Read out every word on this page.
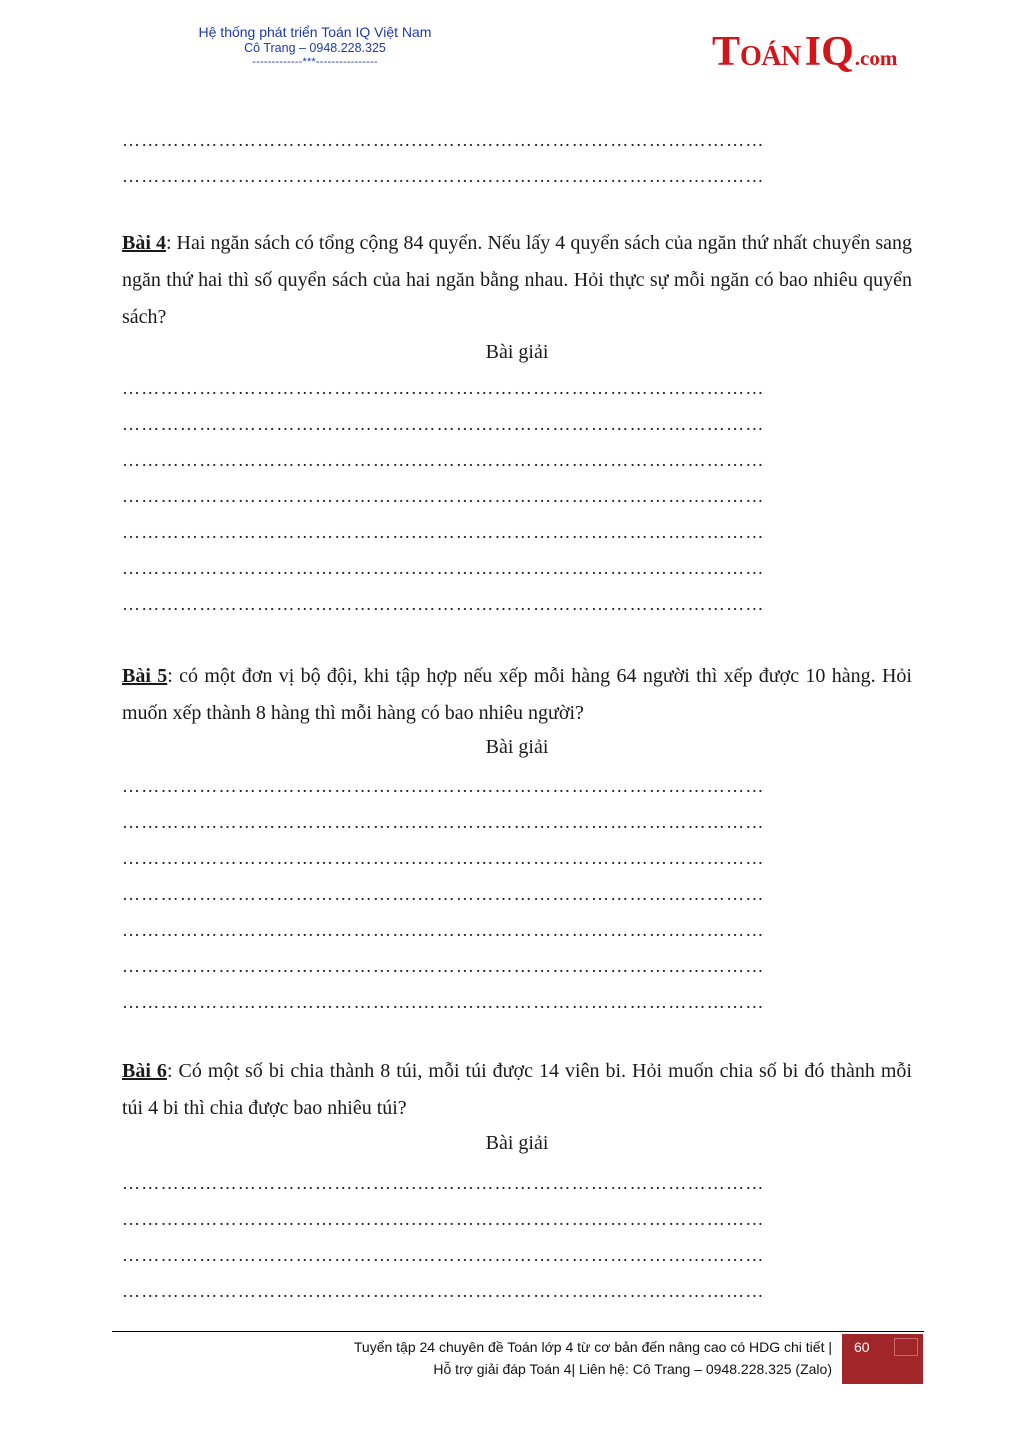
Hệ thống phát triển Toán IQ Việt Nam
Cô Trang – 0948.228.325
-------------***----------------	T OÁN IQ .com
……………………………………….………………………………………………
……………………………………….………………………………………………
Bài 4: Hai ngăn sách có tổng cộng 84 quyển. Nếu lấy 4 quyển sách của ngăn thứ nhất chuyển sang ngăn thứ hai thì số quyển sách của hai ngăn bằng nhau. Hỏi thực sự mỗi ngăn có bao nhiêu quyển sách?
Bài giải
……………………………………….………………………………………………
……………………………………….………………………………………………
……………………………………….………………………………………………
……………………………………….………………………………………………
……………………………………….………………………………………………
……………………………………….………………………………………………
……………………………………….………………………………………………
Bài 5: có một đơn vị bộ đội, khi tập hợp nếu xếp mỗi hàng 64 người thì xếp được 10 hàng. Hỏi muốn xếp thành 8 hàng thì mỗi hàng có bao nhiêu người?
Bài giải
……………………………………….………………………………………………
……………………………………….………………………………………………
……………………………………….………………………………………………
……………………………………….………………………………………………
……………………………………….………………………………………………
……………………………………….………………………………………………
……………………………………….………………………………………………
Bài 6: Có một số bi chia thành 8 túi, mỗi túi được 14 viên bi. Hỏi muốn chia số bi đó thành mỗi túi 4 bi thì chia được bao nhiêu túi?
Bài giải
……………………………………….………………………………………………
……………………………………….………………………………………………
……………………………………….………………………………………………
……………………………………….………………………………………………
Tuyển tập 24 chuyên đề Toán lớp 4 từ cơ bản đến nâng cao có HDG chi tiết |
Hỗ trợ giải đáp Toán 4| Liên hệ: Cô Trang – 0948.228.325 (Zalo)
60
